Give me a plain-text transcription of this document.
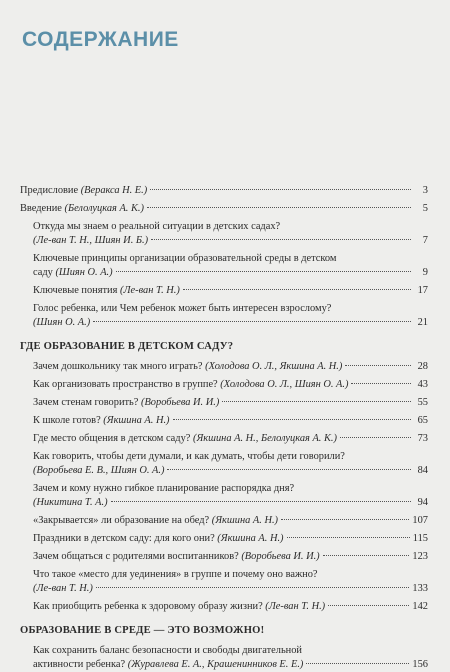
СОДЕРЖАНИЕ
Предисловие (Веракса Н. Е.)	3
Введение (Белолуцкая А. К.)	5
Откуда мы знаем о реальной ситуации в детских садах?
(Ле-ван Т. Н., Шиян И. Б.)	7
Ключевые принципы организации образовательной среды в детском
саду (Шиян О. А.)	9
Ключевые понятия (Ле-ван Т. Н.)	17
Голос ребенка, или Чем ребенок может быть интересен взрослому?
(Шиян О. А.)	21
ГДЕ ОБРАЗОВАНИЕ В ДЕТСКОМ САДУ?
Зачем дошкольнику так много играть? (Холодова О. Л., Якшина А. Н.)	28
Как организовать пространство в группе? (Холодова О. Л., Шиян О. А.)	43
Зачем стенам говорить? (Воробьева И. И.)	55
К школе готов? (Якшина А. Н.)	65
Где место общения в детском саду? (Якшина А. Н., Белолуцкая А. К.)	73
Как говорить, чтобы дети думали, и как думать, чтобы дети говорили?
(Воробьева Е. В., Шиян О. А.)	84
Зачем и кому нужно гибкое планирование распорядка дня?
(Никитина Т. А.)	94
«Закрывается» ли образование на обед? (Якшина А. Н.)	107
Праздники в детском саду: для кого они? (Якшина А. Н.)	115
Зачем общаться с родителями воспитанников? (Воробьева И. И.)	123
Что такое «место для уединения» в группе и почему оно важно?
(Ле-ван Т. Н.)	133
Как приобщить ребенка к здоровому образу жизни? (Ле-ван Т. Н.)	142
ОБРАЗОВАНИЕ В СРЕДЕ — ЭТО ВОЗМОЖНО!
Как сохранить баланс безопасности и свободы двигательной
активности ребенка? (Журавлева Е. А., Крашенинников Е. Е.)	156
